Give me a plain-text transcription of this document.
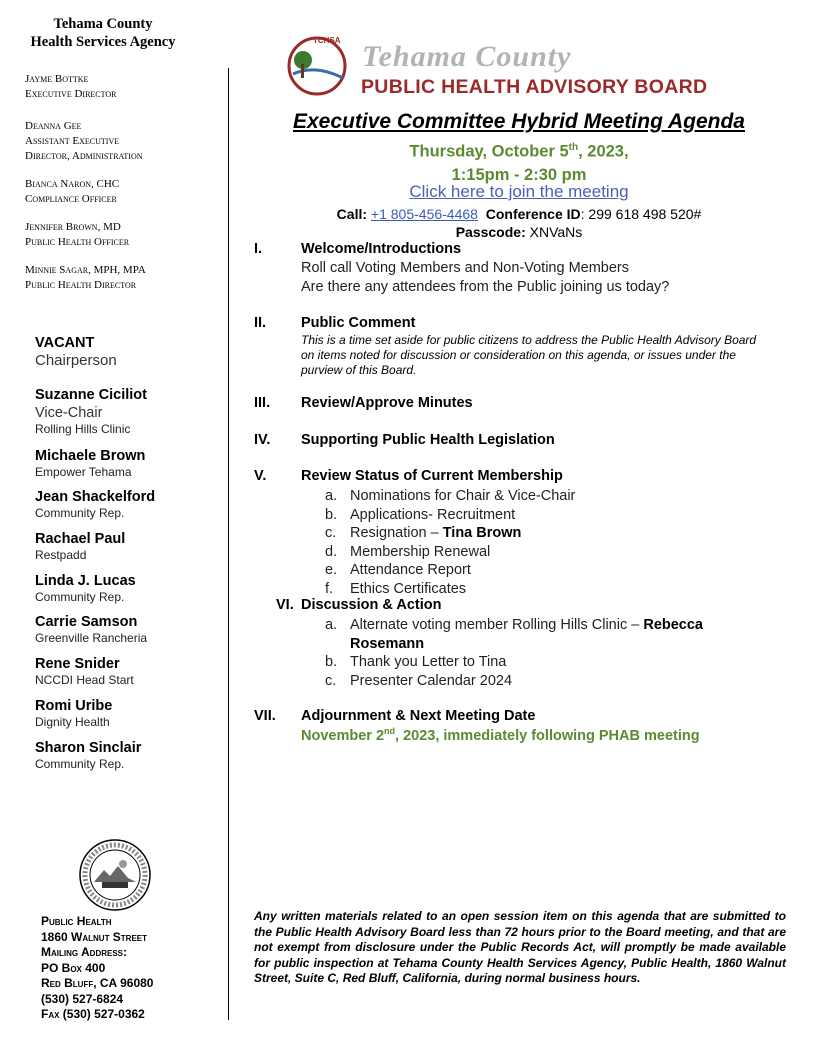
Tehama County
Health Services Agency
Jayme Bottke
Executive Director
Deanna Gee
Assistant Executive
Director, Administration
Bianca Naron, CHC
Compliance Officer
Jennifer Brown, MD
Public Health Officer
Minnie Sagar, MPH, MPA
Public Health Director
VACANT
Chairperson
Suzanne Ciciliot
Vice-Chair
Rolling Hills Clinic
Michaele Brown
Empower Tehama
Jean Shackelford
Community Rep.
Rachael Paul
Restpadd
Linda J. Lucas
Community Rep.
Carrie Samson
Greenville Rancheria
Rene Snider
NCCDI Head Start
Romi Uribe
Dignity Health
Sharon Sinclair
Community Rep.
Public Health
1860 Walnut Street
Mailing Address:
PO Box 400
Red Bluff, CA 96080
(530) 527-6824
Fax (530) 527-0362
TCHSA Tehama County
PUBLIC HEALTH ADVISORY BOARD
Executive Committee Hybrid Meeting Agenda
Thursday, October 5th, 2023,
1:15pm - 2:30 pm
Click here to join the meeting
Call: +1 805-456-4468 Conference ID: 299 618 498 520#
Passcode: XNVaNs
I.	Welcome/Introductions
Roll call Voting Members and Non-Voting Members
Are there any attendees from the Public joining us today?
II. Public Comment
This is a time set aside for public citizens to address the Public Health Advisory Board on items noted for discussion or consideration on this agenda, or issues under the purview of this Board.
III. Review/Approve Minutes
IV. Supporting Public Health Legislation
V. Review Status of Current Membership
a. Nominations for Chair & Vice-Chair
b. Applications- Recruitment
c. Resignation – Tina Brown
d. Membership Renewal
e. Attendance Report
f. Ethics Certificates
VI. Discussion & Action
a. Alternate voting member Rolling Hills Clinic – Rebecca Rosemann
b. Thank you Letter to Tina
c. Presenter Calendar 2024
VII. Adjournment & Next Meeting Date
November 2nd, 2023, immediately following PHAB meeting
Any written materials related to an open session item on this agenda that are submitted to the Public Health Advisory Board less than 72 hours prior to the Board meeting, and that are not exempt from disclosure under the Public Records Act, will promptly be made available for public inspection at Tehama County Health Services Agency, Public Health, 1860 Walnut Street, Suite C, Red Bluff, California, during normal business hours.
